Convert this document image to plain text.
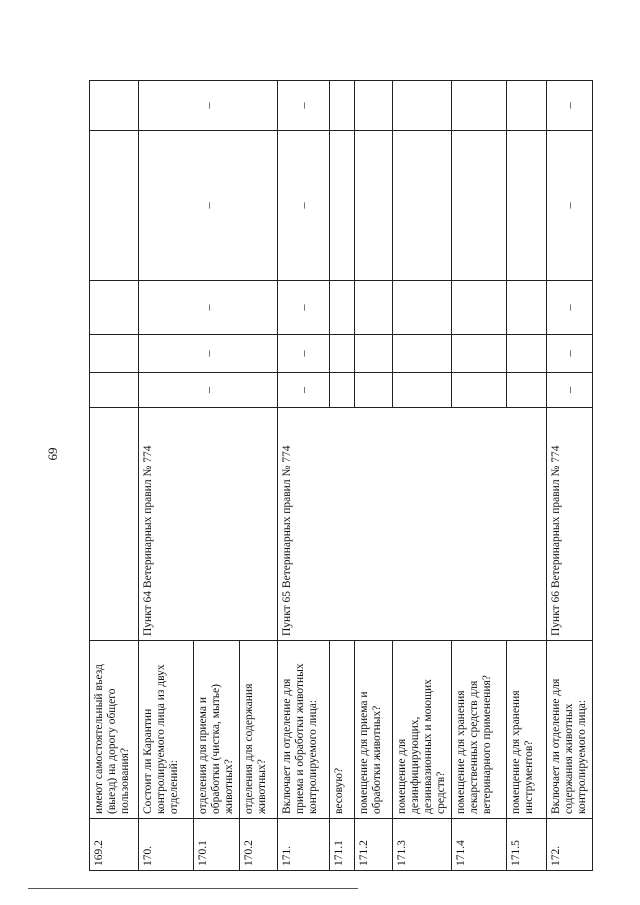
69
169.2	имеют самостоятельный въезд (выезд) на дорогу общего пользования?						
170.	Состоит ли Карантин контролируемого лица из двух отделений:	Пункт 64 Ветеринарных правил № 774	–	–	–	–	–
170.1	отделения для приема и обработки (чистка, мытье) животных?						
170.2	отделения для содержания животных?						
171.	Включает ли отделение для приема и обработки животных контролируемого лица:	Пункт 65 Ветеринарных правил № 774	–	–	–	–	–
171.1	весовую?						
171.2	помещение для приема и обработки животных?						
171.3	помещение для дезинфицирующих, дезинвазионных и моющих средств?						
171.4	помещение для хранения лекарственных средств для ветеринарного применения?						
171.5	помещение для хранения инструментов?						
172.	Включает ли отделение для содержания животных контролируемого лица:	Пункт 66 Ветеринарных правил № 774	–	–	–	–	–
